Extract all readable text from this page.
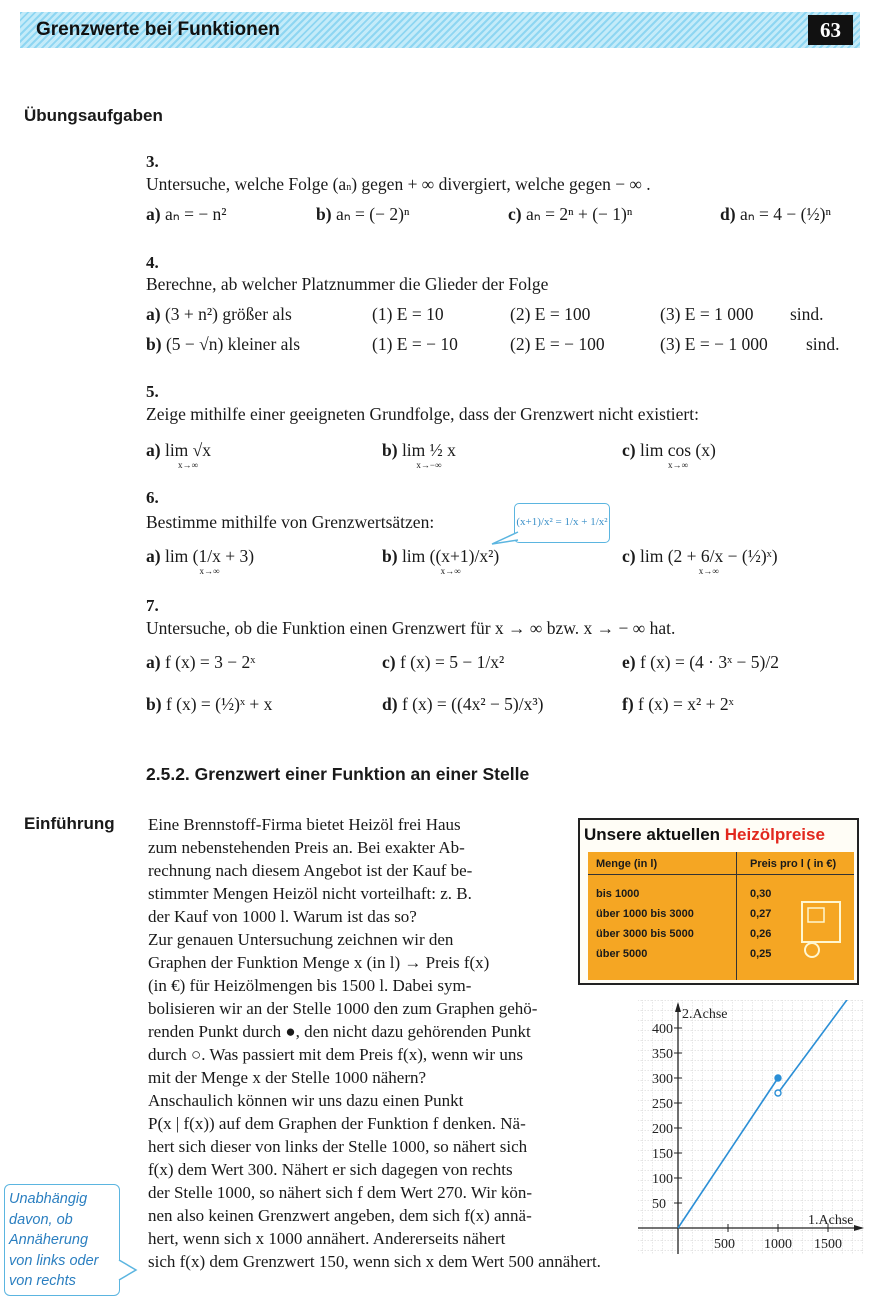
Grenzwerte bei Funktionen	63
Übungsaufgaben
3.
Untersuche, welche Folge (an) gegen + ∞ divergiert, welche gegen − ∞ .
a) aₙ = − n²	b) aₙ = (− 2)ⁿ	c) aₙ = 2ⁿ + (− 1)ⁿ	d) aₙ = 4 − (½)ⁿ
4.
Berechne, ab welcher Platznummer die Glieder der Folge
a) (3 + n²) größer als	(1) E = 10	(2) E = 100	(3) E = 1 000 sind.
b) (5 − √n) kleiner als	(1) E = − 10	(2) E = − 100	(3) E = − 1 000 sind.
5.
Zeige mithilfe einer geeigneten Grundfolge, dass der Grenzwert nicht existiert:
a) lim √x
x→∞
b) lim ½ x
x→−∞
c) lim cos (x)
x→∞
6.
Bestimme mithilfe von Grenzwertsätzen:	(x+1)/x² = 1/x + 1/x²
a) lim (1/x + 3)
x→∞
b) lim ((x+1)/x²)
x→∞
c) lim (2 + 6/x − (½)ˣ)
x→∞
7.
Untersuche, ob die Funktion einen Grenzwert für x → ∞ bzw. x → − ∞ hat.
a) f (x) = 3 − 2ˣ	c) f (x) = 5 − 1/x²	e) f (x) = (4 · 3ˣ − 5)/2
b) f (x) = (½)ˣ + x	d) f (x) = ((4x² − 5)/x³)	f) f (x) = x² + 2ˣ
2.5.2. Grenzwert einer Funktion an einer Stelle
Einführung Eine Brennstoff-Firma bietet Heizöl frei Haus
zum nebenstehenden Preis an. Bei exakter Ab-
rechnung nach diesem Angebot ist der Kauf be-
stimmter Mengen Heizöl nicht vorteilhaft: z. B.
der Kauf von 1000 l. Warum ist das so?
Zur genauen Untersuchung zeichnen wir den
Graphen der Funktion Menge x (in l) → Preis f(x)
(in €) für Heizölmengen bis 1500 l. Dabei sym-
bolisieren wir an der Stelle 1000 den zum Graphen gehö-
renden Punkt durch ●, den nicht dazu gehörenden Punkt
durch ○. Was passiert mit dem Preis f(x), wenn wir uns
mit der Menge x der Stelle 1000 nähern?
Anschaulich können wir uns dazu einen Punkt
P(x | f(x)) auf dem Graphen der Funktion f denken. Nä-
hert sich dieser von links der Stelle 1000, so nähert sich
f(x) dem Wert 300. Nähert er sich dagegen von rechts
der Stelle 1000, so nähert sich f dem Wert 270. Wir kön-
nen also keinen Grenzwert angeben, dem sich f(x) annä-
hert, wenn sich x 1000 annähert. Andererseits nähert
sich f(x) dem Grenzwert 150, wenn sich x dem Wert 500 annähert.
Unsere aktuellen Heizölpreise
Menge (in l)	Preis pro l ( in €)
bis 1000	0,30
über 1000 bis 3000	0,27
über 3000 bis 5000	0,26
über 5000	0,25
2.Achse
1.Achse
50
100
150
200
250
300
350
400
500 1000 1500
Unabhängig
davon, ob
Annäherung
von links oder
von rechts
